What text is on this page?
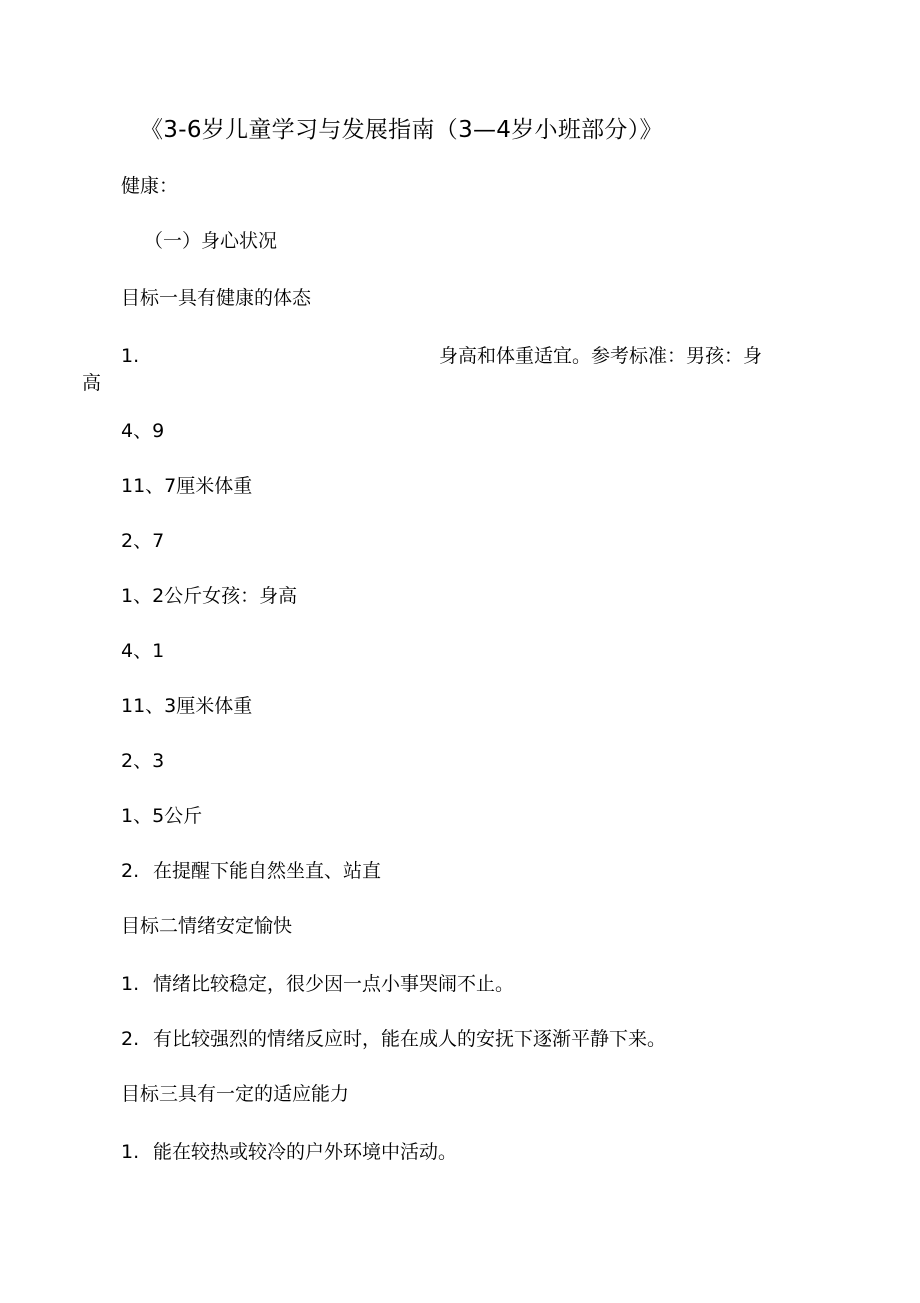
《3-6岁儿童学习与发展指南（3—4岁小班部分）》
健康：
（一）身心状况
目标一具有健康的体态
1.	身高和体重适宜。参考标准：男孩：身
高
4、9
11、7厘米体重
2、7
1、2公斤女孩：身高
4、1
11、3厘米体重
2、3
1、5公斤
2. 在提醒下能自然坐直、站直
目标二情绪安定愉快
1. 情绪比较稳定，很少因一点小事哭闹不止。
2. 有比较强烈的情绪反应时，能在成人的安抚下逐渐平静下来。
目标三具有一定的适应能力
1. 能在较热或较冷的户外环境中活动。
